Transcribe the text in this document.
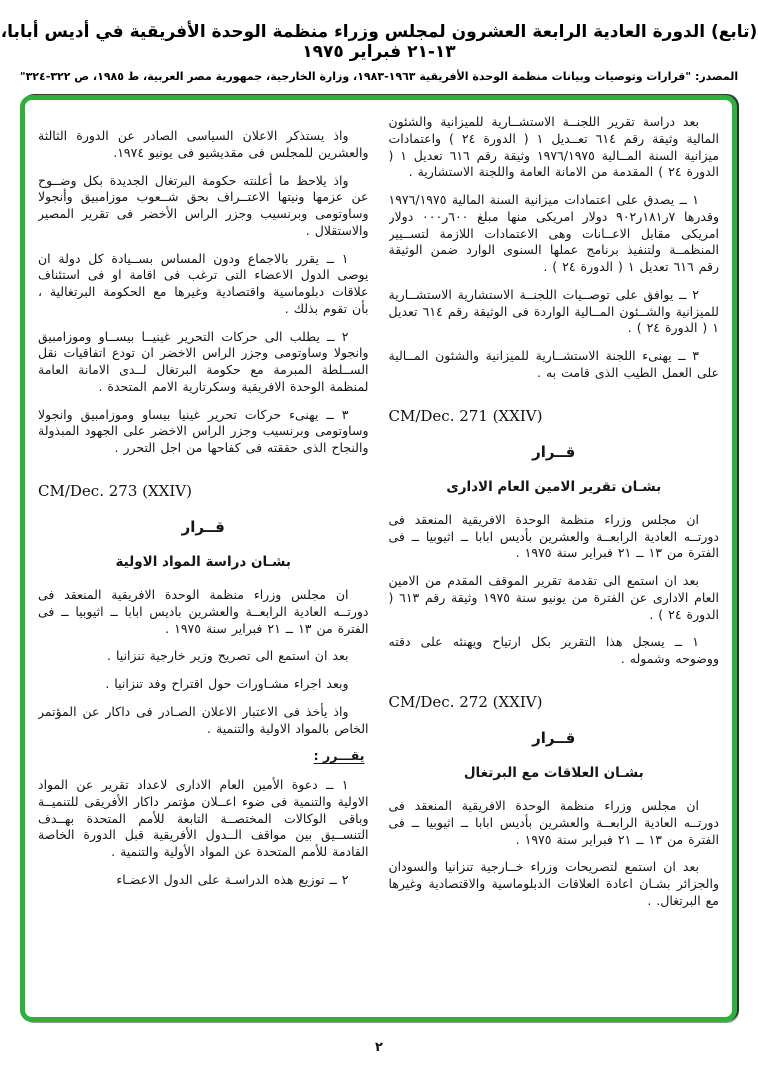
(تابع) الدورة العادية الرابعة العشرون لمجلس وزراء منظمة الوحدة الأفريقية في أديس أبابا، ١٣-٢١ فبراير ١٩٧٥
المصدر: "قرارات وتوصيات وبيانات منظمة الوحدة الأفريقية ١٩٦٣-١٩٨٣، وزارة الخارجية، جمهورية مصر العربية، ط ١٩٨٥، ص ٣٢٢-٣٢٤"

بعد دراسة تقرير اللجنــة الاستشــارية للميزانية والشئون المالية وثيقة رقم ٦١٤ تعــديل ١ ( الدورة ٢٤ ) واعتمادات ميزانية السنة المــالية ١٩٧٦/١٩٧٥ وثيقة رقم ٦١٦ تعديل ١ ( الدورة ٢٤ ) المقدمة من الامانة العامة واللجنة الاستشارية .

١ ــ يصدق على اعتمادات ميزانية السنة المالية ١٩٧٦/١٩٧٥ وقدرها ٧ر١٨١ر٩٠٢ دولار امريكى منها مبلغ ٦٠٠ر٠٠٠ دولار امريكى مقابل الاعــانات وهى الاعتمادات اللازمة لتســيير المنظمــة ولتنفيذ برنامج عملها السنوى الوارد ضمن الوثيقة رقم ٦١٦ تعديل ١ ( الدورة ٢٤ ) .

٢ ــ يوافق على توصــيات اللجنــة الاستشارية الاستشــارية للميزانية والشــئون المــالية الواردة فى الوثيقة رقم ٦١٤ تعديل ١ ( الدورة ٢٤ ) .

٣ ــ يهنىء اللجنة الاستشــارية للميزانية والشئون المــالية على العمل الطيب الذى قامت به .

CM/Dec. 271 (XXIV)
قــرار
بشـان تقرير الامين العام الادارى

ان مجلس وزراء منظمة الوحدة الافريقية المنعقد فى دورتــه العادية الرابعــة والعشرين بأديس ابابا ــ اثيوبيا ــ فى الفترة من ١٣ ــ ٢١ فبراير سنة ١٩٧٥ .

بعد ان استمع الى تقدمة تقرير الموقف المقدم من الامين العام الادارى عن الفترة من يونيو سنة ١٩٧٥ وثيقة رقم ٦١٣ ( الدورة ٢٤ ) .

١ ــ يسجل هذا التقرير بكل ارتياح ويهنئه على دقته ووضوحه وشموله .

CM/Dec. 272 (XXIV)
قــرار
بشـان العلاقات مع البرتغال

ان مجلس وزراء منظمة الوحدة الافريقية المنعقد فى دورتــه العادية الرابعــة والعشرين بأديس ابابا ــ اثيوبيا ــ فى الفترة من ١٣ ــ ٢١ فبراير سنة ١٩٧٥ .

بعد ان استمع لتصريحات وزراء خــارجية تنزانيا والسودان والجزائر بشـان اعادة العلاقات الدبلوماسية والاقتصادية وغيرها مع البرتغال. .

واذ يستذكر الاعلان السياسى الصادر عن الدورة الثالثة والعشرين للمجلس فى مقديشيو فى يونيو ١٩٧٤.

واذ يلاحظ ما أعلنته حكومة البرتغال الجديدة بكل وضــوح عن عزمها ونيتها الاعتــراف بحق شــعوب موزامبيق وأنجولا وساوتومى وبرنسيب وجزر الراس الأخضر فى تقرير المصير والاستقلال .

١ ــ يقرر بالاجماع ودون المساس بســيادة كل دولة ان يوصى الدول الاعضاء التى ترغب فى اقامة او فى استئناف علاقات دبلوماسية واقتصادية وغيرها مع الحكومة البرتغالية ، بأن تقوم بذلك .

٢ ــ يطلب الى حركات التحرير غينيــا بيســاو وموزامبيق وانجولا وساوتومى وجزر الراس الاخضر ان تودع اتفاقيات نقل الســلطة المبرمة مع حكومة البرتغال لــدى الامانة العامة لمنظمة الوحدة الافريقية وسكرتارية الامم المتحدة .

٣ ــ يهنىء حركات تحرير غينيا بيساو وموزامبيق وانجولا وساوتومى وبرنسيب وجزر الراس الاخضر على الجهود المبذولة والنجاح الذى حققته فى كفاحها من اجل التحرر .

CM/Dec. 273 (XXIV)
قــرار
بشـان دراسة المواد الاولية

ان مجلس وزراء منظمة الوحدة الافريقية المنعقد فى دورتــه العادية الرابعــة والعشرين باديس ابابا ــ اثيوبيا ــ فى الفترة من ١٣ ــ ٢١ فبراير سنة ١٩٧٥ .

بعد ان استمع الى تصريح وزير خارجية تنزانيا .

وبعد اجراء مشـاورات حول اقتراح وفد تنزانيا .

واذ يأخذ فى الاعتبار الاعلان الصـادر فى داكار عن المؤتمر الخاص بالمواد الاولية والتنمية .

يقـــرر :

١ ــ دعوة الأمين العام الادارى لاعداد تقرير عن المواد الاولية والتنمية فى ضوء اعــلان مؤتمر داكار الأفريقى للتنميــة وباقى الوكالات المختصــة التابعة للأمم المتحدة بهــدف التنســيق بين مواقف الــدول الأفريقية قبل الدورة الخاصة القادمة للأمم المتحدة عن المواد الأولية والتنمية .

٢ ــ توزيع هذه الدراسـة على الدول الاعضـاء

٢
